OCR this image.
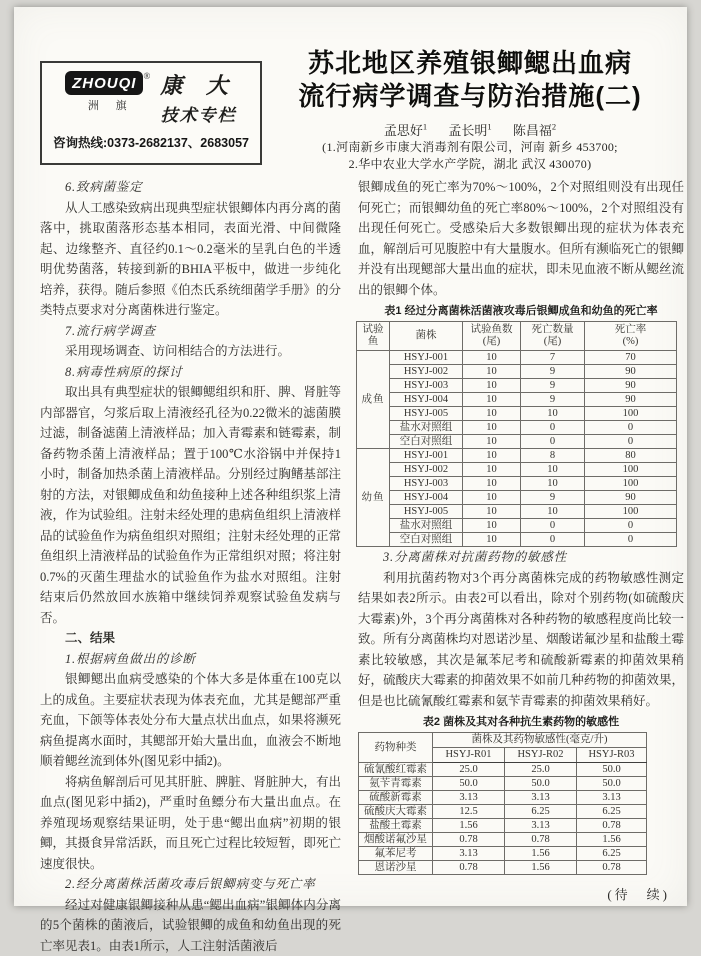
ZHOUQI ®
洲 旗
康 大
技术专栏
咨询热线:0373-2682137、2683057
苏北地区养殖银鲫鳃出血病
流行病学调查与防治措施(二)
孟思好$^1$ 孟长明$^1$ 陈昌福$^2$
(1.河南新乡市康大消毒剂有限公司，河南 新乡 453700;
2.华中农业大学水产学院，湖北 武汉 430070)

6.致病菌鉴定

从人工感染致病出现典型症状银鲫体内再分离的菌落中，挑取菌落形态基本相同，表面光滑、中间微隆起、边缘整齐、直径约0.1～0.2毫米的呈乳白色的半透明优势菌落，转接到新的BHIA平板中，做进一步纯化培养，获得。随后参照《伯杰氏系统细菌学手册》的分类特点要求对分离菌株进行鉴定。

7.流行病学调查

采用现场调查、访问相结合的方法进行。

8.病毒性病原的探讨

取出具有典型症状的银鲫鳃组织和肝、脾、肾脏等内部器官，匀浆后取上清液经孔径为0.22微米的滤菌膜过滤，制备滤菌上清液样品；加入青霉素和链霉素，制备药物杀菌上清液样品；置于100℃水浴锅中并保持1小时，制备加热杀菌上清液样品。分别经过胸鳍基部注射的方法，对银鲫成鱼和幼鱼接种上述各种组织浆上清液，作为试验组。注射未经处理的患病鱼组织上清液样品的试验鱼作为病鱼组织对照组；注射未经处理的正常鱼组织上清液样品的试验鱼作为正常组织对照；将注射0.7%的灭菌生理盐水的试验鱼作为盐水对照组。注射结束后仍然放回水族箱中继续饲养观察试验鱼发病与否。

二、结果

1.根据病鱼做出的诊断

银鲫鳃出血病受感染的个体大多是体重在100克以上的成鱼。主要症状表现为体表充血，尤其是鳃部严重充血，下颌等体表处分布大量点状出血点，如果将濒死病鱼提离水面时，其鳃部开始大量出血，血液会不断地顺着鳃丝流到体外(图见彩中插2)。

将病鱼解剖后可见其肝脏、脾脏、肾脏肿大，有出血点(图见彩中插2)，严重时鱼鳔分布大量出血点。在养殖现场观察结果证明，处于患“鳃出血病”初期的银鲫，其摄食异常活跃，而且死亡过程比较短暂，即死亡速度很快。

2.经分离菌株活菌攻毒后银鲫病变与死亡率

经过对健康银鲫接种从患“鳃出血病”银鲫体内分离的5个菌株的菌液后，试验银鲫的成鱼和幼鱼出现的死亡率见表1。由表1所示，人工注射活菌液后

银鲫成鱼的死亡率为70%～100%，2个对照组则没有出现任何死亡；而银鲫幼鱼的死亡率80%～100%，2个对照组没有出现任何死亡。受感染后大多数银鲫出现的症状为体表充血，解剖后可见腹腔中有大量腹水。但所有濒临死亡的银鲫并没有出现鳃部大量出血的症状，即未见血液不断从鳃丝流出的银鲫个体。

表1 经过分离菌株活菌液攻毒后银鲫成鱼和幼鱼的死亡率

试验
鱼	菌株	试验鱼数
(尾)	死亡数量
(尾)	死亡率
(%)

成鱼	HSYJ-001	10	7	70
	HSYJ-002	10	9	90
	HSYJ-003	10	9	90
	HSYJ-004	10	9	90
	HSYJ-005	10	10	100
	盐水对照组	10	0	0
	空白对照组	10	0	0
幼鱼	HSYJ-001	10	8	80
	HSYJ-002	10	10	100
	HSYJ-003	10	10	100
	HSYJ-004	10	9	90
	HSYJ-005	10	10	100
	盐水对照组	10	0	0
	空白对照组	10	0	0

3.分离菌株对抗菌药物的敏感性

利用抗菌药物对3个再分离菌株完成的药物敏感性测定结果如表2所示。由表2可以看出，除对个别药物(如硫酸庆大霉素)外，3个再分离菌株对各种药物的敏感程度尚比较一致。所有分离菌株均对恩诺沙星、烟酸诺氟沙星和盐酸土霉素比较敏感，其次是氟苯尼考和硫酸新霉素的抑菌效果稍好，硫酸庆大霉素的抑菌效果不如前几种药物的抑菌效果，但是也比硫氰酸红霉素和氨苄青霉素的抑菌效果稍好。

表2 菌株及其对各种抗生素药物的敏感性

药物种类	菌株及其药物敏感性(毫克/升)		
	HSYJ-R01	HSYJ-R02	HSYJ-R03
硫氰酸红霉素	25.0	25.0	50.0
氨苄青霉素	50.0	50.0	50.0
硫酸新霉素	3.13	3.13	3.13
硫酸庆大霉素	12.5	6.25	6.25
盐酸土霉素	1.56	3.13	0.78
烟酸诺氟沙星	0.78	0.78	1.56
氟苯尼考	3.13	1.56	6.25
恩诺沙星	0.78	1.56	0.78

(待　续)
